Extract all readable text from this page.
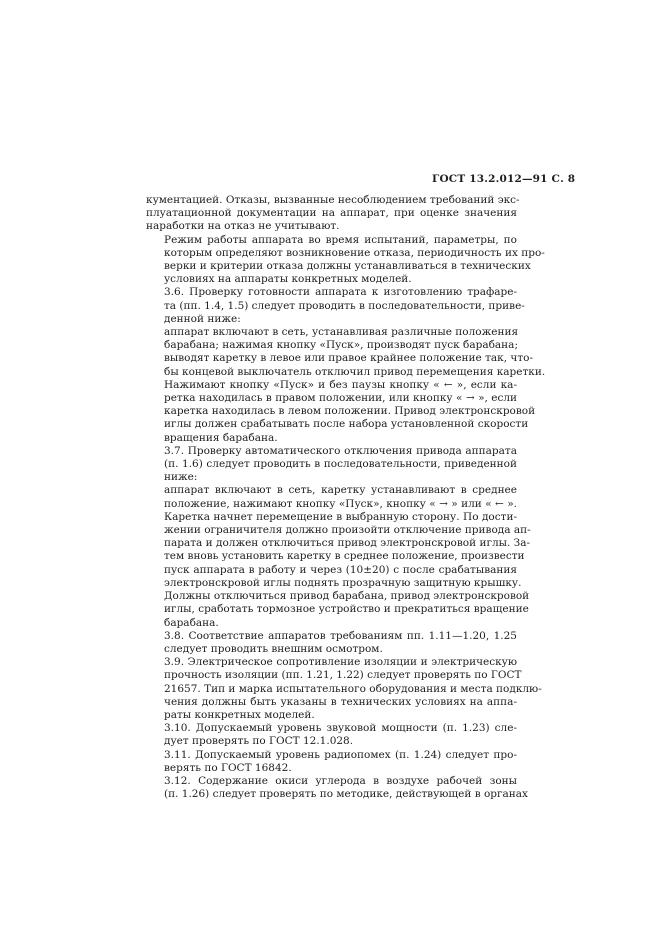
ГОСТ 13.2.012—91 С. 8

кументацией. Отказы, вызванные несоблюдением требований экс-
плуатационной документации на аппарат, при оценке значения
наработки на отказ не учитывают.

Режим работы аппарата во время испытаний, параметры, по
которым определяют возникновение отказа, периодичность их про-
верки и критерии отказа должны устанавливаться в технических
условиях на аппараты конкретных моделей.

3.6. Проверку готовности аппарата к изготовлению трафаре-
та (пп. 1.4, 1.5) следует проводить в последовательности, приве-
денной ниже:

аппарат включают в сеть, устанавливая различные положения
барабана; нажимая кнопку «Пуск», производят пуск барабана;
выводят каретку в левое или правое крайнее положение так, что-
бы концевой выключатель отключил привод перемещения каретки.
Нажимают кнопку «Пуск» и без паузы кнопку « ← », если ка-
ретка находилась в правом положении, или кнопку « → », если
каретка находилась в левом положении. Привод электронскровой
иглы должен срабатывать после набора установленной скорости
вращения барабана.

3.7. Проверку автоматического отключения привода аппарата
(п. 1.6) следует проводить в последовательности, приведенной
ниже:

аппарат включают в сеть, каретку устанавливают в среднее
положение, нажимают кнопку «Пуск», кнопку « → » или « ← ».
Каретка начнет перемещение в выбранную сторону. По дости-
жении ограничителя должно произойти отключение привода ап-
парата и должен отключиться привод электронскровой иглы. За-
тем вновь установить каретку в среднее положение, произвести
пуск аппарата в работу и через (10±20) с после срабатывания
электронскровой иглы поднять прозрачную защитную крышку.
Должны отключиться привод барабана, привод электронскровой
иглы, сработать тормозное устройство и прекратиться вращение
барабана.

3.8. Соответствие аппаратов требованиям пп. 1.11—1.20, 1.25
следует проводить внешним осмотром.

3.9. Электрическое сопротивление изоляции и электрическую
прочность изоляции (пп. 1.21, 1.22) следует проверять по ГОСТ
21657. Тип и марка испытательного оборудования и места подклю-
чения должны быть указаны в технических условиях на аппа-
раты конкретных моделей.

3.10. Допускаемый уровень звуковой мощности (п. 1.23) сле-
дует проверять по ГОСТ 12.1.028.

3.11. Допускаемый уровень радиопомех (п. 1.24) следует про-
верять по ГОСТ 16842.

3.12. Содержание окиси углерода в воздухе рабочей зоны
(п. 1.26) следует проверять по методике, действующей в органах
